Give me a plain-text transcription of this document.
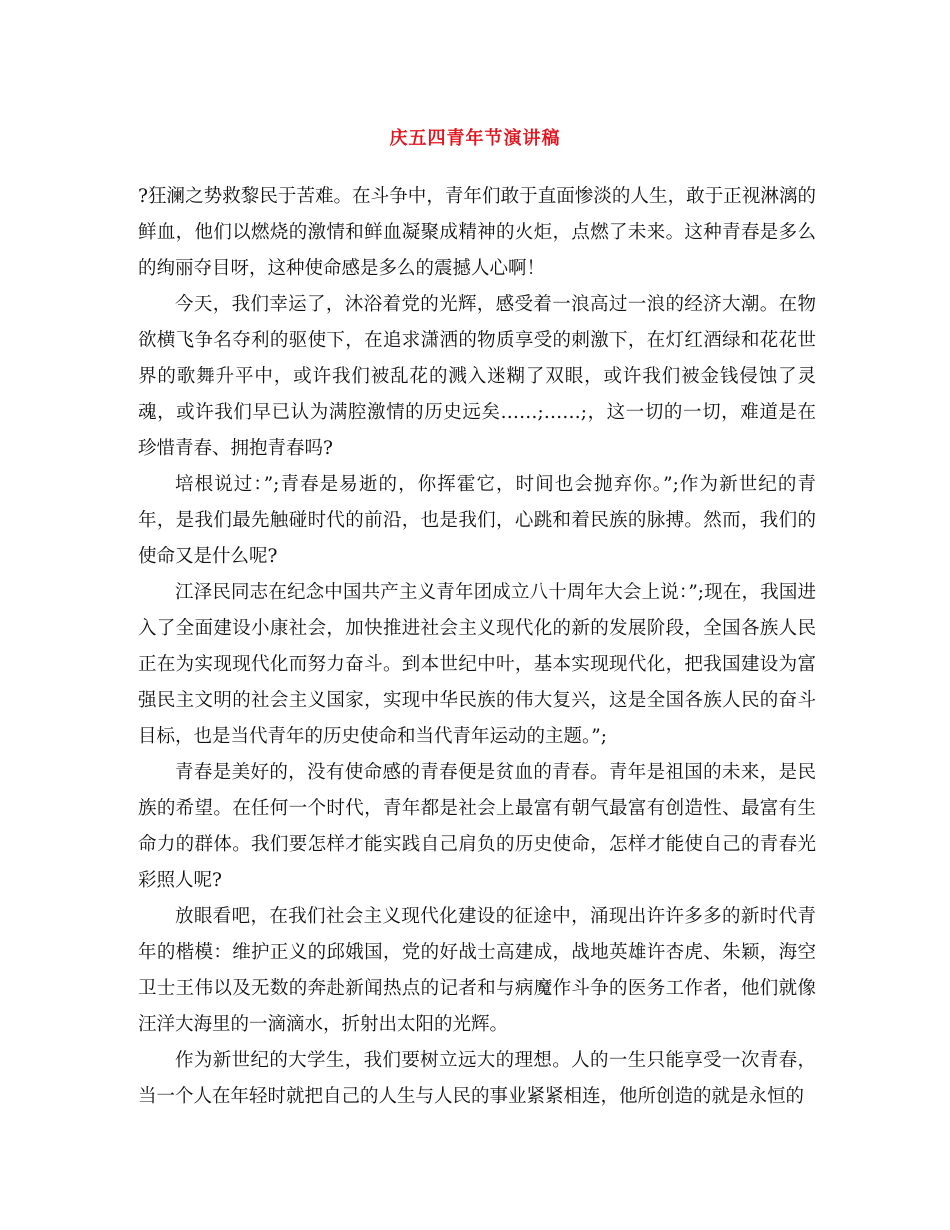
庆五四青年节演讲稿

?狂澜之势救黎民于苦难。在斗争中，青年们敢于直面惨淡的人生，敢于正视淋漓的鲜血，他们以燃烧的激情和鲜血凝聚成精神的火炬，点燃了未来。这种青春是多么的绚丽夺目呀，这种使命感是多么的震撼人心啊！

今天，我们幸运了，沐浴着党的光辉，感受着一浪高过一浪的经济大潮。在物欲横飞争名夺利的驱使下，在追求潇洒的物质享受的刺激下，在灯红酒绿和花花世界的歌舞升平中，或许我们被乱花的溅入迷糊了双眼，或许我们被金钱侵蚀了灵魂，或许我们早已认为满腔激情的历史远矣……;……;，这一切的一切，难道是在珍惜青春、拥抱青春吗?

培根说过：”;青春是易逝的，你挥霍它，时间也会抛弃你。”;作为新世纪的青年，是我们最先触碰时代的前沿，也是我们，心跳和着民族的脉搏。然而，我们的使命又是什么呢?

江泽民同志在纪念中国共产主义青年团成立八十周年大会上说：”;现在，我国进入了全面建设小康社会，加快推进社会主义现代化的新的发展阶段，全国各族人民正在为实现现代化而努力奋斗。到本世纪中叶，基本实现现代化，把我国建设为富强民主文明的社会主义国家，实现中华民族的伟大复兴，这是全国各族人民的奋斗目标，也是当代青年的历史使命和当代青年运动的主题。”;

青春是美好的，没有使命感的青春便是贫血的青春。青年是祖国的未来，是民族的希望。在任何一个时代，青年都是社会上最富有朝气最富有创造性、最富有生命力的群体。我们要怎样才能实践自己肩负的历史使命，怎样才能使自己的青春光彩照人呢?

放眼看吧，在我们社会主义现代化建设的征途中，涌现出许许多多的新时代青年的楷模：维护正义的邱娥国，党的好战士高建成，战地英雄许杏虎、朱颖，海空卫士王伟以及无数的奔赴新闻热点的记者和与病魔作斗争的医务工作者，他们就像汪洋大海里的一滴滴水，折射出太阳的光辉。

作为新世纪的大学生，我们要树立远大的理想。人的一生只能享受一次青春，当一个人在年轻时就把自己的人生与人民的事业紧紧相连，他所创造的就是永恒的
